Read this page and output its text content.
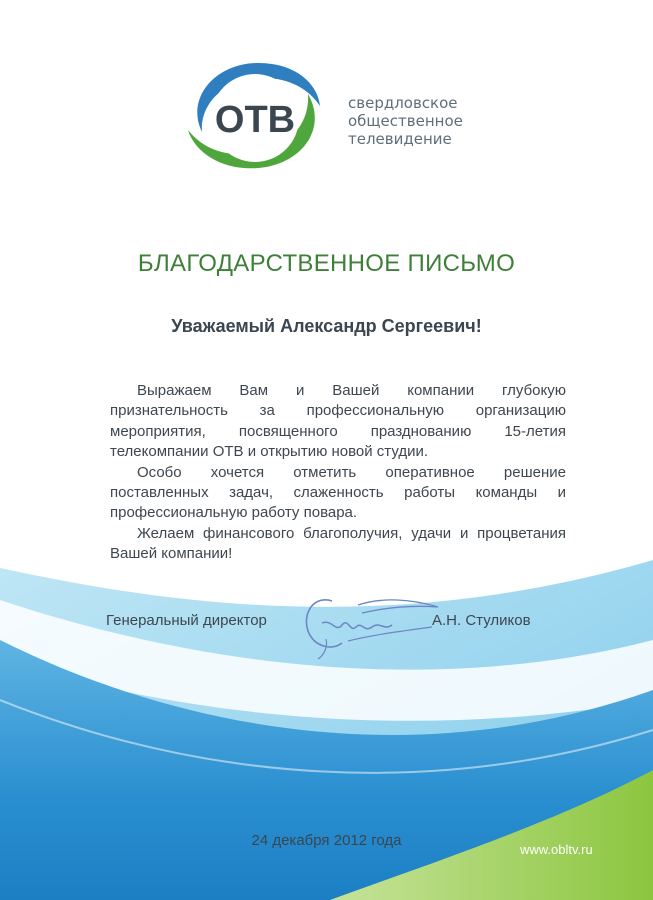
ОТВ	свердловское
общественное
телевидение
БЛАГОДАРСТВЕННОЕ ПИСЬМО
Уважаемый Александр Сергеевич!

Выражаем Вам и Вашей компании глубокую признательность за профессиональную организацию мероприятия, посвященного празднованию 15-летия телекомпании ОТВ и открытию новой студии.

Особо хочется отметить оперативное решение поставленных задач, слаженность работы команды и профессиональную работу повара.

Желаем финансового благополучия, удачи и процветания Вашей компании!

Генеральный директор	А.Н. Стуликов
24 декабря 2012 года
www.obltv.ru
